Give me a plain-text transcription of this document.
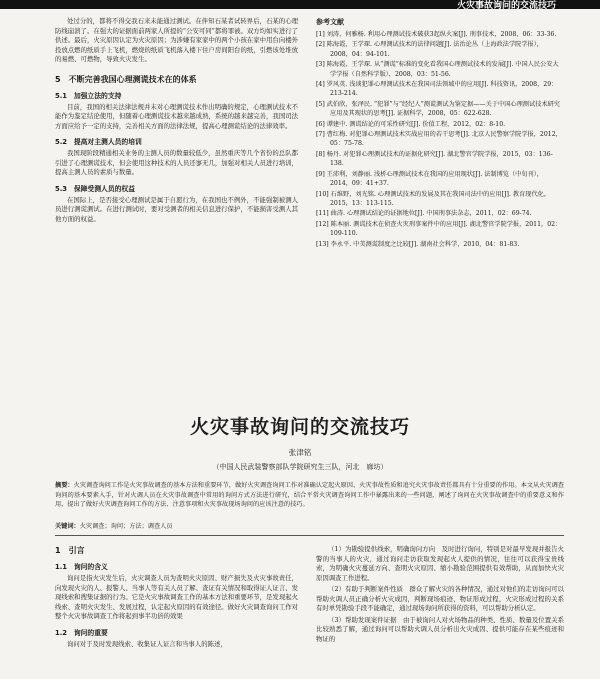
火灾事故询问的交流技巧

处过分的，都将不得交我石来未能通过测试。在伴知石某者试转界后，石某的心理防线崩溃了。在强大的证据面前两家人所提的“公安可同”都将罪被。双方均如实进行了供述。最后，火灾原因认定为火灾原因；为涉嫌有家家中的两个小孩在家中用台向楼外投放点燃的纸质手上飞机，燃烧的纸质飞机落入楼下住户房间阳台的纸，引燃该处堆放的易燃、可燃物，导致火灾发生。

5　不断完善我国心理测谎技术在的体系
5.1　加强立法的支持

目前，我国的相关法律法规并未对心理测谎技术作出明确的规定，心理测试技术不能作为鉴定结论使用，但随着心理测谎技术越来越成熟，系统的越来越完善，我国司法方面应给予一定的支持，完善相关方面的法律法规，提高心理测谎结论的法律效率。

5.2　提高对主测人员的培训

我国现阶段精通相关业务的主测人员的数量较低少，虽然重庆等几个省份的总队都引进了心理测谎技术，但会使用这种技术的人员还寥无几，加强对相关人员进行培训，提高主测人员的素质与数量。

5.3　保障受测人员的权益

在国际上，是否接受心理测试是属于自愿行为，在我国也不例外，不能强制被测人员进行测谎测试。在进行测试时，要对受测者的相关信息进行保护，不能损害受测人其他方面的权益。

参考文献
[1] 刘涛，何雅杨. 利用心理测试技术破获3起纵火案[J]. 刑事技术，2008，06：33-36.
[2] 陈海霞，王学琛. 心理测试技术的法律问题[J]. 法治论丛（上海政法学院学报），2008，04：94-101.
[3] 陈海霞，王学琛. 从“测谎”标准的变化看我国心理测试技术的发展[J]. 中国人民公安大学学报（自然科学版），2008，03：51-56.
[4] 罗风英. 浅谈犯罪心理测试技术在我国司法领域中的应用[J]. 科技资讯，2008，29：213-214.
[5] 武伯欣，张泽民. “犯罪”与“经纪人”测谎测试为鉴定据——关于中国心理测试技术研究应用及其现状的思考[J]. 证据科学，2008，05：622-628.
[6] 谭建中. 测谎结论的可采性研究[J]. 价值工程，2012，02：8-10.
[7] 曹红梅. 对犯罪心理测试技术实战应用的若干思考[J]. 北京人民警察学院学报，2012，05：75-78.
[8] 杨丹. 对犯罪心理测试技术的证据化研究[J]. 湖北警官学院学报，2015，03：136-138.
[9] 王沛利，刘静丽. 浅析心理测试技术在我国的应用现状[J]. 法制博览（中旬刊），2014，09：41+37.
[10] 石维野，刘光铭. 心理测试技术的发展及其在我国司法中的应用[J]. 教育现代化，2015，13：113-115.
[11] 曲涛. 心理测试结论的证据地位[J]. 中国刑事法杂志，2011，02：69-74.
[12] 陈本丽. 测谎技术在侦查火灾刑事案件中的应用[J]. 湖北警官学院学报，2011，02：109-110.
[13] 李永平. 中美测谎制度之比较[J]. 湖南社会科学，2010，04：81-83.
火灾事故询问的交流技巧
张津铭
（中国人民武装警察部队学院研究生三队，河北　廊坊）
摘要：火灾调查询问工作是火灾事故调查的基本方法和重要环节，做好火灾调查询问工作对准确认定起火原因、火灾事故性质和追究火灾事故责任都具有十分重要的作用。本文从火灾调查询问的基本要素入手，针对火调人员在火灾事故调查中常用的询问方式方法进行研究，结合平常火灾调查询问工作中暴露出来的一些问题，阐述了询问在火灾事故调查中的重要意义和作用，提出了做好火灾调查询问工作的方法、注意事项和火灾事故现场询问的应该注意的技巧。
关键词：火灾调查；询问；方法；调查人员
1　引言
1.1　询问的含义

询问是指火灾发生后，火灾调查人员为查明火灾原因、财产损失及火灾事故责任，向发现火灾的人、报警人、当事人等有关人员了解、查证有关情况和取得证人证言、发现线索和搜集证据的行为。它是火灾事故调查工作的基本方法和重要环节，是发现起火线索、查明火灾发生、发展过程，认定起火原因的有效途径。做好火灾调查询问工作对整个火灾事故调查工作将起到事半功倍的效果

1.2　询问的重要

询问对于及时发现线索、收集证人证言和当事人的陈述，

（1）为勘验提供线索，明确询问方向　及时进行询问，特别是对最早发现并报告火警的当事人的火灾，通过询问走访获取发现起火人提供的情况，往往可以获得宝贵线索，为明确火灾蔓延方向、查明火灾原因、缩小勘验范围提供有效帮助，从而加快火灾原因调查工作进程。

（2）有助于判断案件性质　群众了解火灾的各种情况，通过对他们的走访询问可以帮助火调人员正确分析火灾成因，判断现场痕迹、物证形成过程，火灾形成过程的关系有时单凭勘验手段不能确定，通过现场询问所获得的资料，可以帮助分析认定。

（3）帮助发现案件证据　由于被询问人对火场物品的种类、性质、数量及位置关系比较熟悉了解，通过询问可以帮助火调人员分析出火灾成因、提供可能存在某些痕迹和物证的
